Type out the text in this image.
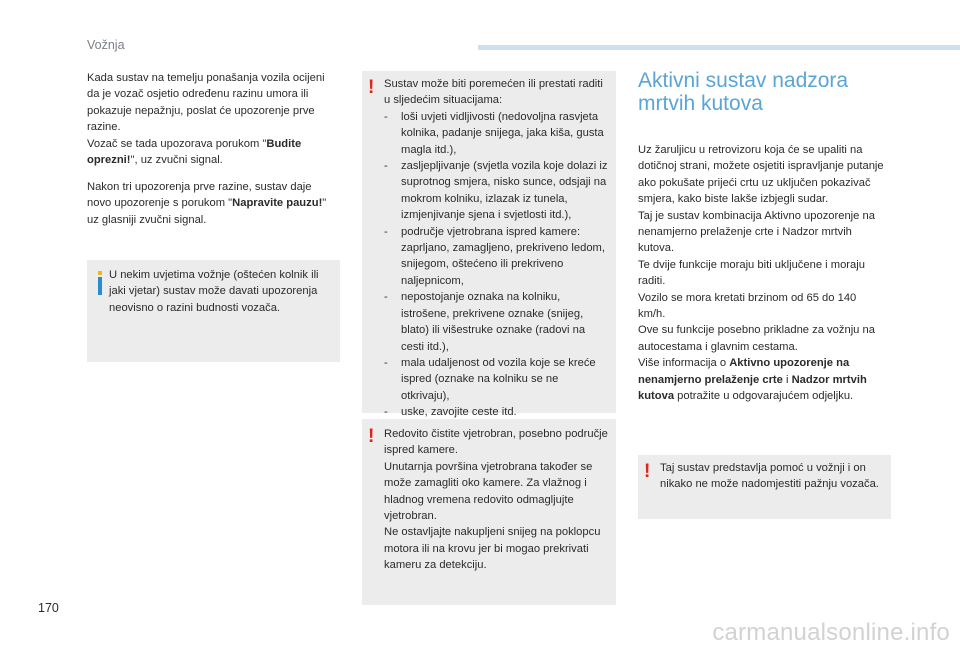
Vožnja
Kada sustav na temelju ponašanja vozila ocijeni da je vozač osjetio određenu razinu umora ili pokazuje nepažnju, poslat će upozorenje prve razine.
Vozač se tada upozorava porukom "Budite oprezni!", uz zvučni signal.
Nakon tri upozorenja prve razine, sustav daje novo upozorenje s porukom "Napravite pauzu!" uz glasniji zvučni signal.
U nekim uvjetima vožnje (oštećen kolnik ili jaki vjetar) sustav može davati upozorenja neovisno o razini budnosti vozača.
! Sustav može biti poremećen ili prestati raditi u sljedećim situacijama:
- loši uvjeti vidljivosti (nedovoljna rasvjeta kolnika, padanje snijega, jaka kiša, gusta magla itd.),
- zasljepljivanje (svjetla vozila koje dolazi iz suprotnog smjera, nisko sunce, odsjaji na mokrom kolniku, izlazak iz tunela, izmjenjivanje sjena i svjetlosti itd.),
- područje vjetrobrana ispred kamere: zaprljano, zamagljeno, prekriveno ledom, snijegom, oštećeno ili prekriveno naljepnicom,
- nepostojanje oznaka na kolniku, istrošene, prekrivene oznake (snijeg, blato) ili višestruke oznake (radovi na cesti itd.),
- mala udaljenost od vozila koje se kreće ispred (oznake na kolniku se ne otkrivaju),
- uske, zavojite ceste itd.
! Redovito čistite vjetrobran, posebno područje ispred kamere.
Unutarnja površina vjetrobrana također se može zamagliti oko kamere. Za vlažnog i hladnog vremena redovito odmagljujte vjetrobran.
Ne ostavljajte nakupljeni snijeg na poklopcu motora ili na krovu jer bi mogao prekrivati kameru za detekciju.
Aktivni sustav nadzora mrtvih kutova
Uz žaruljicu u retrovizoru koja će se upaliti na dotičnoj strani, možete osjetiti ispravljanje putanje ako pokušate prijeći crtu uz uključen pokazivač smjera, kako biste lakše izbjegli sudar.
Taj je sustav kombinacija Aktivno upozorenje na nenamjerno prelaženje crte i Nadzor mrtvih kutova.
Te dvije funkcije moraju biti uključene i moraju raditi.
Vozilo se mora kretati brzinom od 65 do 140 km/h.
Ove su funkcije posebno prikladne za vožnju na autocestama i glavnim cestama.
Više informacija o Aktivno upozorenje na nenamjerno prelaženje crte i Nadzor mrtvih kutova potražite u odgovarajućem odjeljku.
! Taj sustav predstavlja pomoć u vožnji i on nikako ne može nadomjestiti pažnju vozača.
170
carmanualsonline.info
